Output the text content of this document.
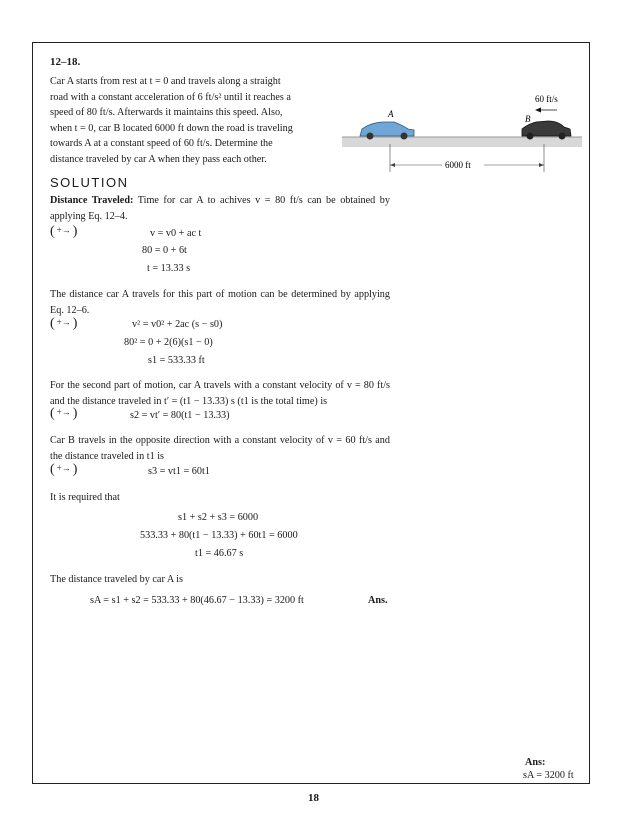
12–18.
Car A starts from rest at t = 0 and travels along a straight
road with a constant acceleration of 6 ft/s² until it reaches a
speed of 80 ft/s. Afterwards it maintains this speed. Also,
when t = 0, car B located 6000 ft down the road is traveling
towards A at a constant speed of 60 ft/s. Determine the
distance traveled by car A when they pass each other.
A	B
60 ft/s
6000 ft
SOLUTION
Distance Traveled: Time for car A to achives v = 80 ft/s can be obtained by applying Eq. 12–4.
( +→ )	v = v0 + ac t
80 = 0 + 6t
t = 13.33 s
The distance car A travels for this part of motion can be determined by applying Eq. 12–6.
( +→ )	v² = v0² + 2ac (s − s0)
80² = 0 + 2(6)(s1 − 0)
s1 = 533.33 ft
For the second part of motion, car A travels with a constant velocity of v = 80 ft/s and the distance traveled in t′ = (t1 − 13.33) s (t1 is the total time) is
( +→ )	s2 = vt′ = 80(t1 − 13.33)
Car B travels in the opposite direction with a constant velocity of v = 60 ft/s and the distance traveled in t1 is
( +→ )	s3 = vt1 = 60t1
It is required that
s1 + s2 + s3 = 6000
533.33 + 80(t1 − 13.33) + 60t1 = 6000
t1 = 46.67 s
The distance traveled by car A is
sA = s1 + s2 = 533.33 + 80(46.67 − 13.33) = 3200 ft	Ans.
Ans:
sA = 3200 ft
18
